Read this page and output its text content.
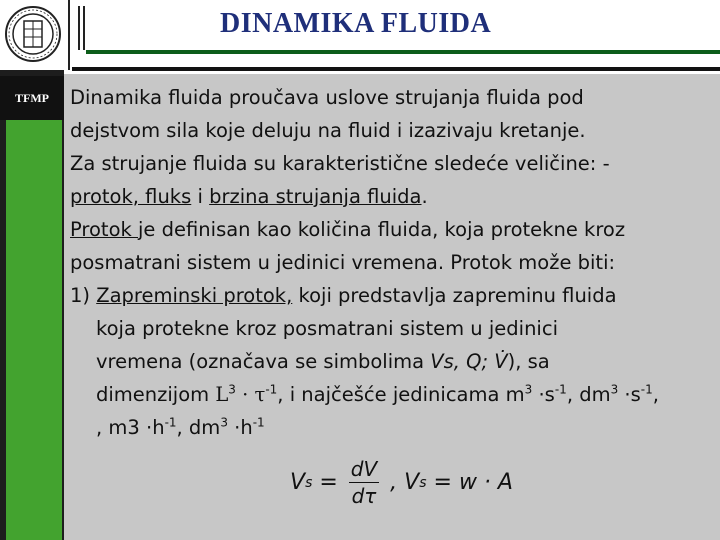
DINAMIKA FLUIDA
TFMP	Dinamika fluida proučava uslove strujanja fluida pod

dejstvom sila koje deluju na fluid i izazivaju kretanje.

Za strujanje fluida su karakteristične sledeće veličine: -

protok, fluks i brzina strujanja fluida.

Protok je definisan kao količina fluida, koja protekne kroz

posmatrani sistem u jedinici vremena. Protok može biti:

1) Zapreminski protok, koji predstavlja zapreminu fluida

koja protekne kroz posmatrani sistem u jedinici

vremena (označava se simbolima Vs, Q; V̇), sa

dimenzijom $L^3 \cdot \tau^{-1}$, i najčešće jedinicama $m^3 \cdot s^{-1}$, $dm^3 \cdot s^{-1}$,

, $m3 \cdot h^{-1}$, $dm^3 \cdot h^{-1}$

V $s = \frac{dV}{d\tau}$ , V s = w · A
